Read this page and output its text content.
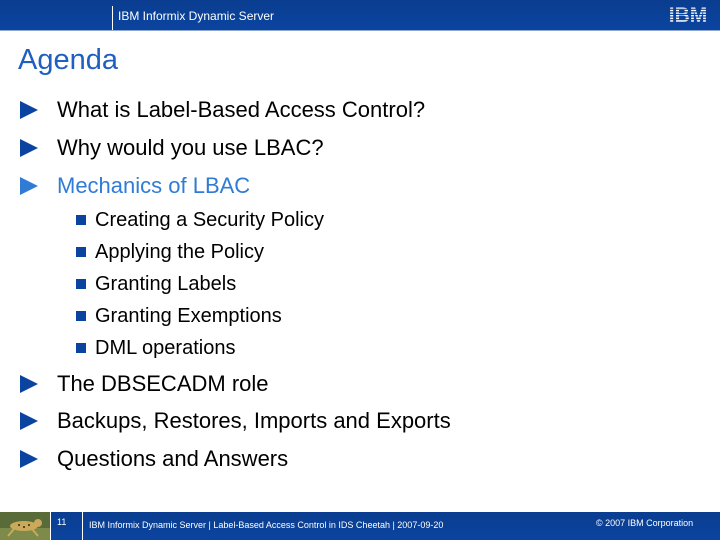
IBM Informix Dynamic Server
Agenda
What is Label-Based Access Control?
Why would you use LBAC?
Mechanics of LBAC
Creating a Security Policy
Applying the Policy
Granting Labels
Granting Exemptions
DML operations
The DBSECADM role
Backups, Restores, Imports and Exports
Questions and Answers
11	IBM Informix Dynamic Server | Label-Based Access Control in IDS Cheetah | 2007-09-20	© 2007 IBM Corporation
